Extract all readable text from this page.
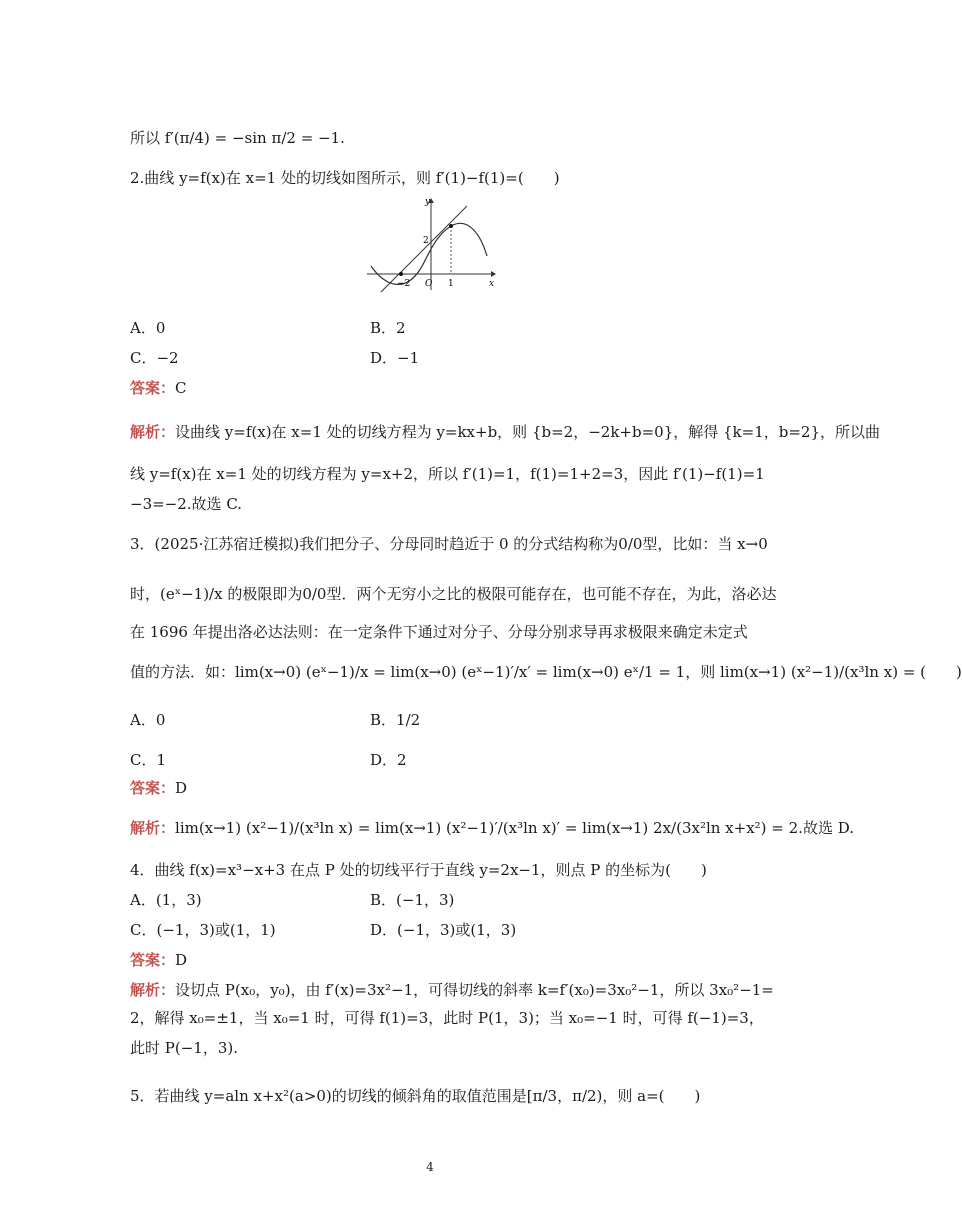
所以 f′(π/4) = −sin π/2 = −1.
2.曲线 y=f(x)在 x=1 处的切线如图所示，则 f′(1)−f(1)=(　　)
y
x
2
−2 O 1
A．0	B．2
C．−2	D．−1
答案：C
解析：设曲线 y=f(x)在 x=1 处的切线方程为 y=kx+b，则 {b=2，−2k+b=0}，解得 {k=1，b=2}，所以曲
线 y=f(x)在 x=1 处的切线方程为 y=x+2，所以 f′(1)=1，f(1)=1+2=3，因此 f′(1)−f(1)=1
−3=−2.故选 C.
3．(2025·江苏宿迁模拟)我们把分子、分母同时趋近于 0 的分式结构称为0/0型，比如：当 x→0
时，(eˣ−1)/x 的极限即为0/0型．两个无穷小之比的极限可能存在，也可能不存在，为此，洛必达
在 1696 年提出洛必达法则：在一定条件下通过对分子、分母分别求导再求极限来确定未定式
值的方法．如：lim(x→0) (eˣ−1)/x = lim(x→0) (eˣ−1)′/x′ = lim(x→0) eˣ/1 = 1，则 lim(x→1) (x²−1)/(x³ln x) = (　　)
A．0	B．1/2
C．1	D．2
答案：D
解析：lim(x→1) (x²−1)/(x³ln x) = lim(x→1) (x²−1)′/(x³ln x)′ = lim(x→1) 2x/(3x²ln x+x²) = 2.故选 D.
4．曲线 f(x)=x³−x+3 在点 P 处的切线平行于直线 y=2x−1，则点 P 的坐标为(　　)
A．(1，3)	B．(−1，3)
C．(−1，3)或(1，1)	D．(−1，3)或(1，3)
答案：D
解析：设切点 P(x₀，y₀)，由 f′(x)=3x²−1，可得切线的斜率 k=f′(x₀)=3x₀²−1，所以 3x₀²−1=
2，解得 x₀=±1，当 x₀=1 时，可得 f(1)=3，此时 P(1，3)；当 x₀=−1 时，可得 f(−1)=3，
此时 P(−1，3).
5．若曲线 y=aln x+x²(a>0)的切线的倾斜角的取值范围是[π/3，π/2)，则 a=(　　)
4
